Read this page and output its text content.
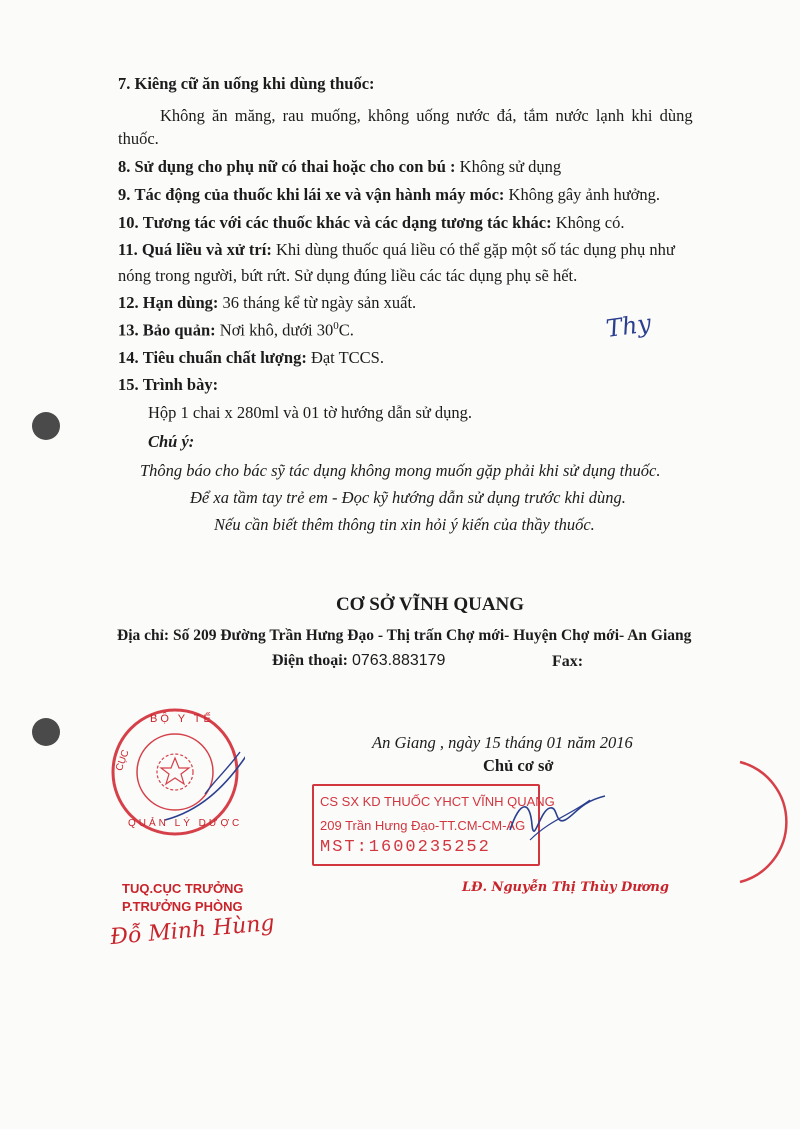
7. Kiêng cữ ăn uống khi dùng thuốc:
Không ăn măng, rau muống, không uống nước đá, tắm nước lạnh khi dùng
thuốc.
8. Sử dụng cho phụ nữ có thai hoặc cho con bú : Không sử dụng
9. Tác động của thuốc khi lái xe và vận hành máy móc: Không gây ảnh hưởng.
10. Tương tác với các thuốc khác và các dạng tương tác khác: Không có.
11. Quá liều và xử trí: Khi dùng thuốc quá liều có thể gặp một số tác dụng phụ như
nóng trong người, bứt rứt. Sử dụng đúng liều các tác dụng phụ sẽ hết.
12. Hạn dùng: 36 tháng kể từ ngày sản xuất.
13. Bảo quản: Nơi khô, dưới $30^0C$.	Thy
14. Tiêu chuẩn chất lượng: Đạt TCCS.
15. Trình bày:
Hộp 1 chai x 280ml và 01 tờ hướng dẫn sử dụng.
Chú ý:
Thông báo cho bác sỹ tác dụng không mong muốn gặp phải khi sử dụng thuốc.
Để xa tầm tay trẻ em - Đọc kỹ hướng dẫn sử dụng trước khi dùng.
Nếu cần biết thêm thông tin xin hỏi ý kiến của thầy thuốc.
CƠ SỞ VĨNH QUANG
Địa chỉ: Số 209 Đường Trần Hưng Đạo - Thị trấn Chợ mới- Huyện Chợ mới- An Giang
Điện thoại: 0763.883179	Fax:
An Giang , ngày 15 tháng 01 năm 2016
Chủ cơ sở
BỘ Y TẾ
CỤC
QUẢN LÝ DƯỢC
TUQ.CỤC TRƯỞNG
P.TRƯỞNG PHÒNG
Đỗ Minh Hùng
CS SX KD THUỐC YHCT VĨNH QUANG
209 Trần Hưng Đạo-TT.CM-CM-AG
MST:1600235252
LĐ. Nguyễn Thị Thùy Dương
